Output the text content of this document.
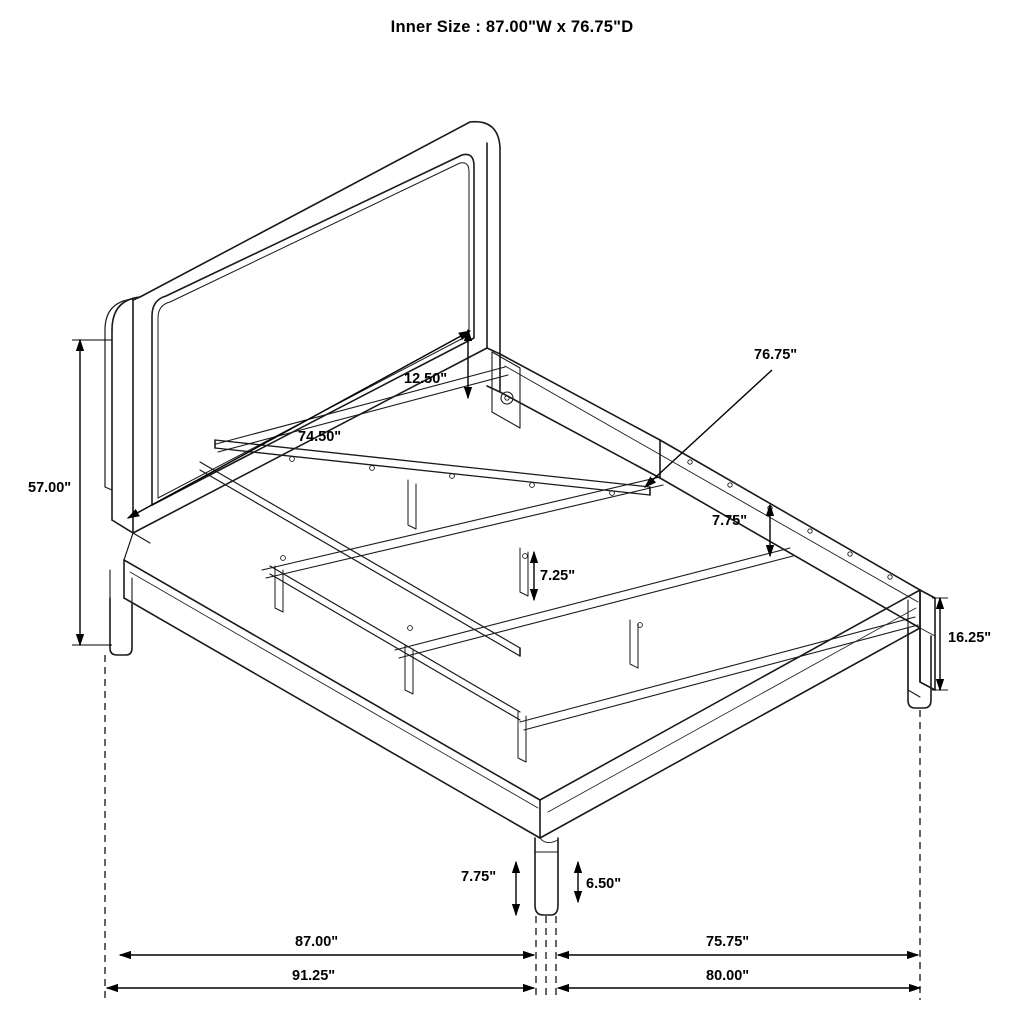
Inner Size : 87.00"W x 76.75"D
57.00"
12.50"
74.50"
76.75"
7.75"
7.25"
16.25"
7.75"	6.50"
87.00"	75.75"
91.25"	80.00"
